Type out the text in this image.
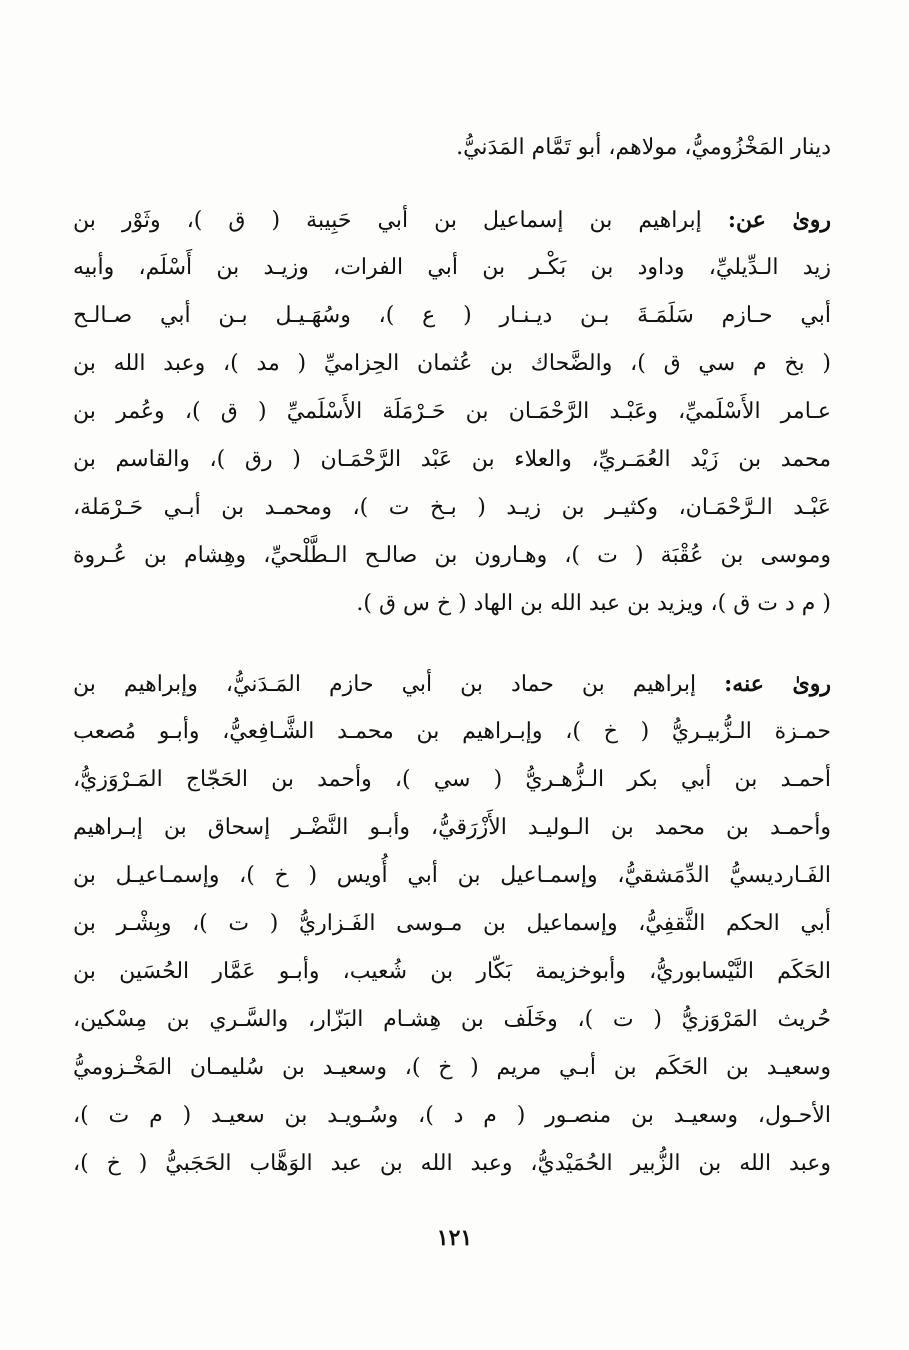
دينار المَخْزُوميُّ، مولاهم، أبو تَمَّام المَدَنيُّ.
روىٰ عن: إبراهيم بن إسماعيل بن أبي حَبِيبة ( ق )، وثَوْر بن
زيد الـدِّيليِّ، وداود بن بَكْـر بن أبي الفرات، وزيـد بن أَسْلَم، وأبيه
أبي حـازم سَلَمَـةَ بـن ديـنـار ( ع )، وسُهَـيـل بـن أبي صـالـح
( بخ م سي ق )، والضَّحاك بن عُثمان الحِزاميِّ ( مد )، وعبد الله بن
عـامر الأَسْلَميِّ، وعَبْـد الرَّحْمَـان بن حَـرْمَلَة الأَسْلَميِّ ( ق )، وعُمر بن
محمد بن زَيْد العُمَـريِّ، والعلاء بن عَبْد الرَّحْمَـان ( رق )، والقاسم بن
عَبْـد الـرَّحْمَـان، وكثيـر بن زيـد ( بـخ ت )، ومحمـد بن أبـي حَـرْمَلة،
وموسى بن عُقْبَة ( ت )، وهـارون بن صالـح الـطَّلْحيِّ، وهِشام بن عُـروة
( م د ت ق )، ويزيد بن عبد الله بن الهاد ( خ س ق ).
روىٰ عنه: إبراهيم بن حماد بن أبي حازم المَـدَنيُّ، وإبراهيم بن
حمـزة الـزُّبيـريُّ ( خ )، وإبـراهيم بن محمـد الشَّـافِعيُّ، وأبـو مُصعب
أحمـد بن أبي بكر الـزُّهـريُّ ( سي )، وأحمد بن الحَجّاج المَـرْوَزيُّ،
وأحمـد بن محمد بن الـوليـد الأَزْرَقيُّ، وأبـو النَّضْـر إسحاق بن إبـراهيم
الفَـارديسيُّ الدِّمَشقيُّ، وإسمـاعيل بن أبي أُويس ( خ )، وإسمـاعيـل بن
أبي الحكم الثَّقفِيُّ، وإسماعيل بن مـوسى الفَـزاريُّ ( ت )، وبِشْـر بن
الحَكَم النَّيْسابوريُّ، وأبوخزيمة بَكّار بن شُعيب، وأبـو عَمَّار الحُسَين بن
حُريث المَرْوَزيُّ ( ت )، وخَلَف بن هِشـام البَزّار، والسَّـري بن مِسْكين،
وسعيـد بن الحَكَم بن أبـي مريم ( خ )، وسعيـد بن سُليمـان المَخْـزوميُّ
الأحـول، وسعيـد بن منصـور ( م د )، وسُـويـد بن سعيـد ( م ت )،
وعبد الله بن الزُّبير الحُمَيْديُّ، وعبد الله بن عبد الوَهَّاب الحَجَبيُّ ( خ )،
١٢١
